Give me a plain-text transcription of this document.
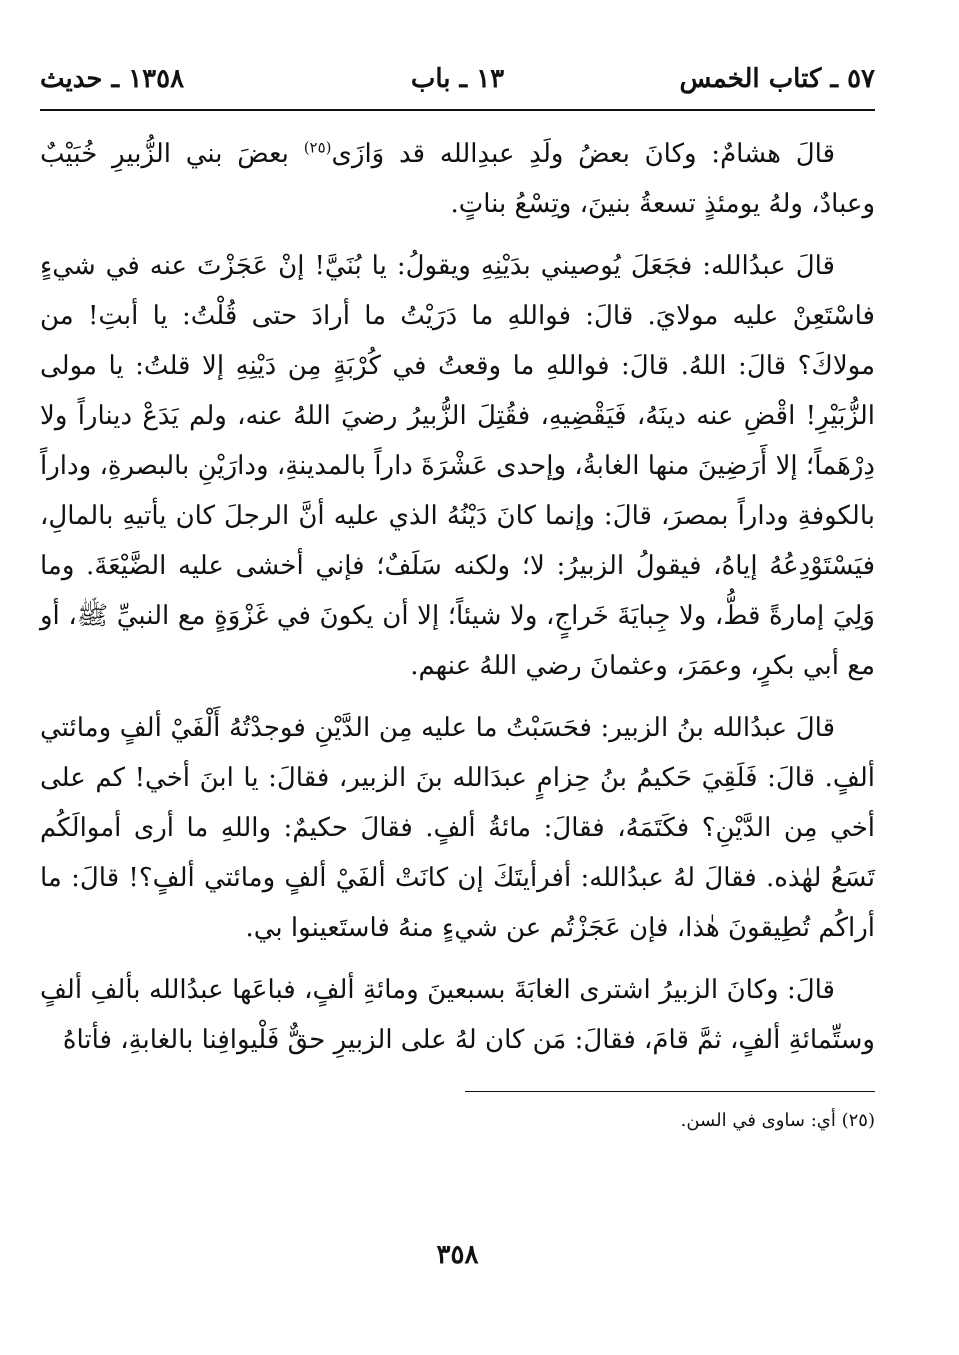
٥٧ ـ كتاب الخمس
١٣ ـ باب
١٣٥٨ ـ حديث

قالَ هشامٌ: وكانَ بعضُ ولَدِ عبدِالله قد وَازَى$^{(٢٥)}$ بعضَ بني الزُّبيرِ خُبَيْبٌ وعبادٌ، ولهُ يومئذٍ تسعةُ بنينَ، وتِسْعُ بناتٍ.

قالَ عبدُالله: فجَعَلَ يُوصيني بدَيْنِهِ ويقولُ: يا بُنَيَّ! إنْ عَجَزْتَ عنه في شيءٍ فاسْتَعِنْ عليه مولايَ. قالَ: فواللهِ ما دَرَيْتُ ما أرادَ حتى قُلْتُ: يا أبتِ! من مولاكَ؟ قالَ: اللهُ. قالَ: فواللهِ ما وقعتُ في كُرْبَةٍ مِن دَيْنِهِ إلا قلتُ: يا مولى الزُّبَيْرِ! اقْضِ عنه دينَهُ، فَيَقْضِيهِ، فقُتِلَ الزُّبيرُ رضيَ اللهُ عنه، ولم يَدَعْ ديناراً ولا دِرْهَماً؛ إلا أَرَضِينَ منها الغابةُ، وإحدى عَشْرَةَ داراً بالمدينةِ، ودارَيْنِ بالبصرةِ، وداراً بالكوفةِ وداراً بمصرَ، قالَ: وإنما كانَ دَيْنُهُ الذي عليه أنَّ الرجلَ كان يأتيهِ بالمالِ، فيَسْتَوْدِعُهُ إياهُ، فيقولُ الزبيرُ: لا؛ ولكنه سَلَفٌ؛ فإني أخشى عليه الضَّيْعَةَ. وما وَلِيَ إمارةً قطُّ، ولا جِبايَةَ خَراجٍ، ولا شيئاً؛ إلا أن يكونَ في غَزْوَةٍ مع النبيِّ ﷺ، أو مع أبي بكرٍ، وعمَرَ، وعثمانَ رضي اللهُ عنهم.

قالَ عبدُالله بنُ الزبير: فحَسَبْتُ ما عليه مِن الدَّيْنِ فوجدْتُهُ أَلْفَيْ ألفٍ ومائتي ألفٍ. قالَ: فَلَقِيَ حَكيمُ بنُ حِزامٍ عبدَالله بنَ الزبير، فقالَ: يا ابنَ أخي! كم على أخي مِن الدَّيْنِ؟ فكَتَمَهُ، فقالَ: مائةُ ألفٍ. فقالَ حكيمٌ: واللهِ ما أرى أموالَكُم تَسَعُ لهٰذه. فقالَ لهُ عبدُالله: أفرأيتَكَ إن كانَتْ ألفَيْ ألفٍ ومائتي ألفٍ؟! قالَ: ما أراكُم تُطِيقونَ هٰذا، فإن عَجَزْتُم عن شيءٍ منهُ فاستَعينوا بي.

قالَ: وكانَ الزبيرُ اشترى الغابَةَ بسبعينَ ومائةِ ألفٍ، فباعَها عبدُالله بألفِ ألفٍ وستِّمائةِ ألفٍ، ثمَّ قامَ، فقالَ: مَن كان لهُ على الزبيرِ حقٌّ فَلْيوافِنا بالغابةِ، فأتاهُ

(٢٥) أي: ساوى في السن.

٣٥٨
